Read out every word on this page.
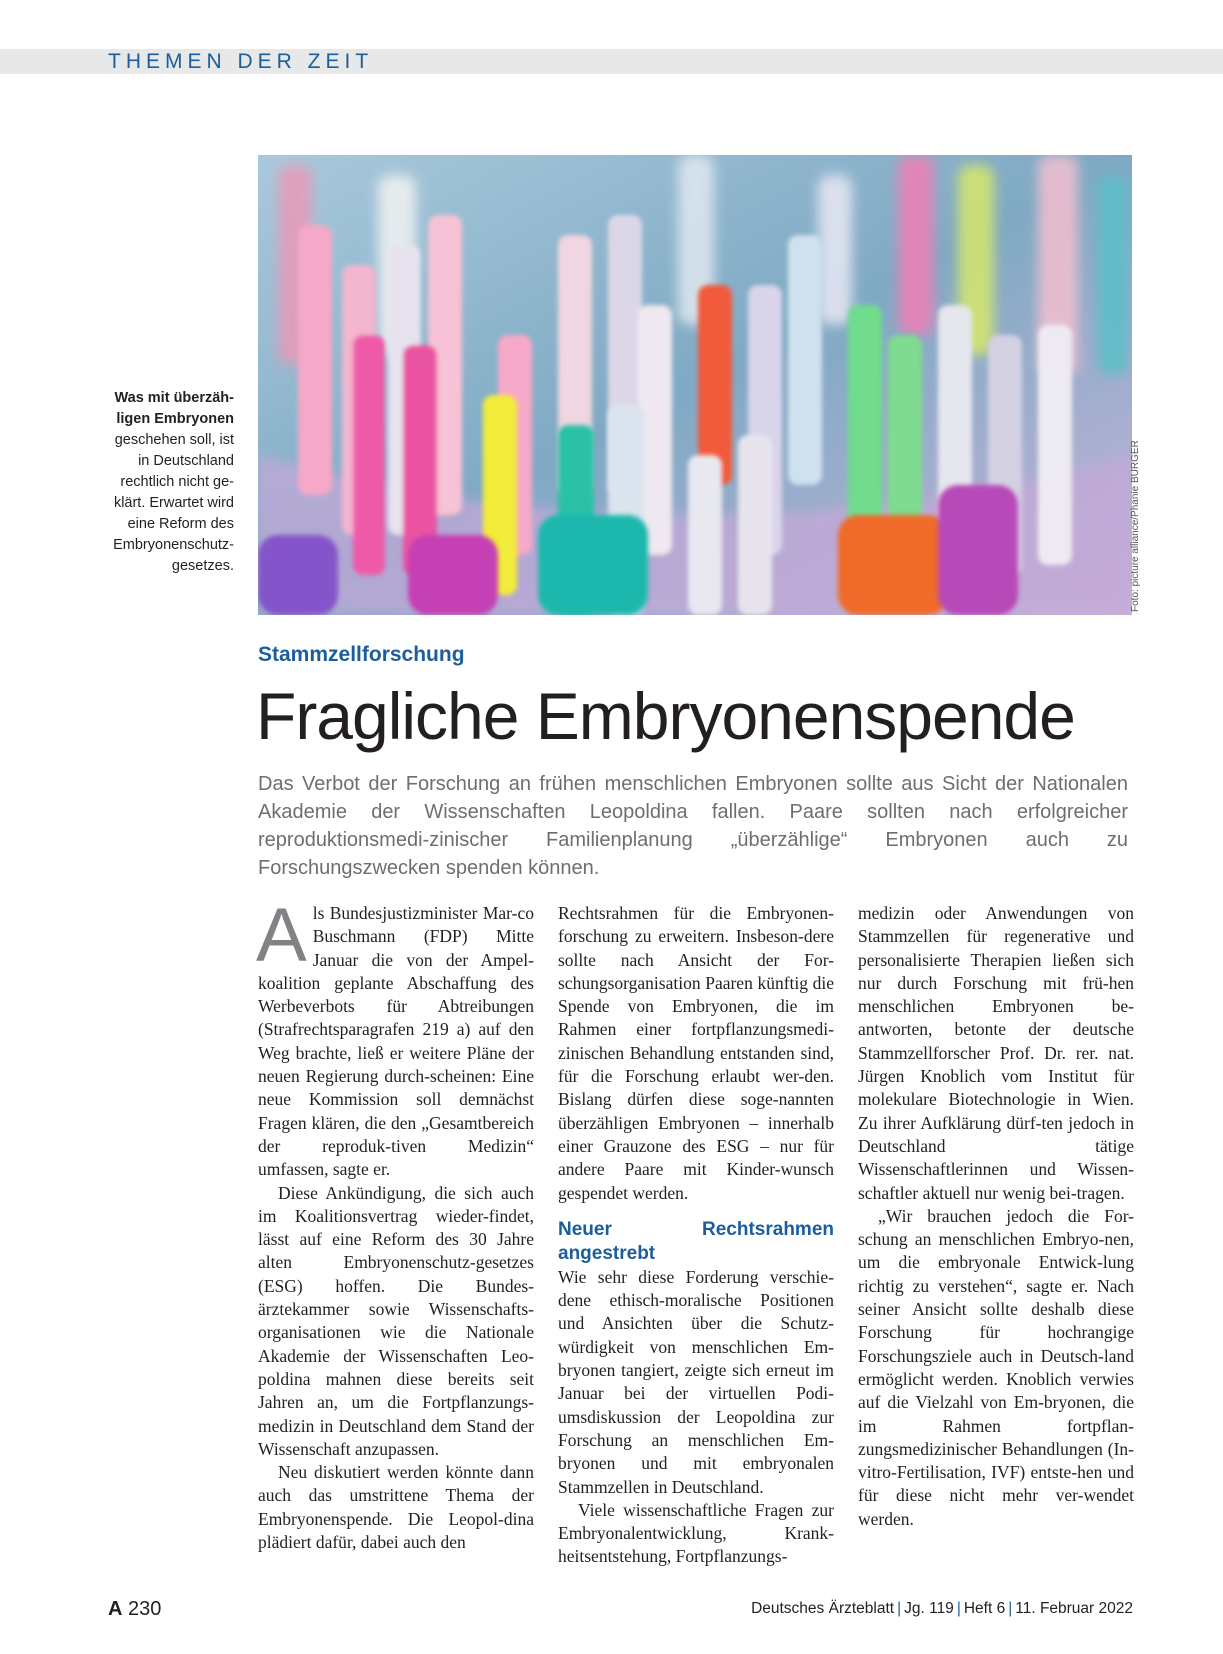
THEMEN DER ZEIT
Foto: picture alliance/Phanie BURGER
Was mit überzäh-ligen Embryonen geschehen soll, ist in Deutschland rechtlich nicht ge-klärt. Erwartet wird eine Reform des Embryonenschutz-gesetzes.
Stammzellforschung
Fragliche Embryonenspende
Das Verbot der Forschung an frühen menschlichen Embryonen sollte aus Sicht der Nationalen Akademie der Wissenschaften Leopoldina fallen. Paare sollten nach erfolgreicher reproduktionsmedi-zinischer Familienplanung „überzählige“ Embryonen auch zu Forschungszwecken spenden können.

Als Bundesjustizminister Mar-co Buschmann (FDP) Mitte Januar die von der Ampel-koalition geplante Abschaffung des Werbeverbots für Abtreibungen (Strafrechtsparagrafen 219 a) auf den Weg brachte, ließ er weitere Pläne der neuen Regierung durch-scheinen: Eine neue Kommission soll demnächst Fragen klären, die den „Gesamtbereich der reproduk-tiven Medizin“ umfassen, sagte er.

Diese Ankündigung, die sich auch im Koalitionsvertrag wieder-findet, lässt auf eine Reform des 30 Jahre alten Embryonenschutz-gesetzes (ESG) hoffen. Die Bundes-ärztekammer sowie Wissenschafts-organisationen wie die Nationale Akademie der Wissenschaften Leo-poldina mahnen diese bereits seit Jahren an, um die Fortpflanzungs-medizin in Deutschland dem Stand der Wissenschaft anzupassen.

Neu diskutiert werden könnte dann auch das umstrittene Thema der Embryonenspende. Die Leopol-dina plädiert dafür, dabei auch den

Rechtsrahmen für die Embryonen-forschung zu erweitern. Insbeson-dere sollte nach Ansicht der For-schungsorganisation Paaren künftig die Spende von Embryonen, die im Rahmen einer fortpflanzungsmedi-zinischen Behandlung entstanden sind, für die Forschung erlaubt wer-den. Bislang dürfen diese soge-nannten überzähligen Embryonen – innerhalb einer Grauzone des ESG – nur für andere Paare mit Kinder-wunsch gespendet werden.

Neuer Rechtsrahmen angestrebt

Wie sehr diese Forderung verschie-dene ethisch-moralische Positionen und Ansichten über die Schutz-würdigkeit von menschlichen Em-bryonen tangiert, zeigte sich erneut im Januar bei der virtuellen Podi-umsdiskussion der Leopoldina zur Forschung an menschlichen Em-bryonen und mit embryonalen Stammzellen in Deutschland.

Viele wissenschaftliche Fragen zur Embryonalentwicklung, Krank-heitsentstehung, Fortpflanzungs-

medizin oder Anwendungen von Stammzellen für regenerative und personalisierte Therapien ließen sich nur durch Forschung mit frü-hen menschlichen Embryonen be-antworten, betonte der deutsche Stammzellforscher Prof. Dr. rer. nat. Jürgen Knoblich vom Institut für molekulare Biotechnologie in Wien. Zu ihrer Aufklärung dürf-ten jedoch in Deutschland tätige Wissenschaftlerinnen und Wissen-schaftler aktuell nur wenig bei-tragen.

„Wir brauchen jedoch die For-schung an menschlichen Embryo-nen, um die embryonale Entwick-lung richtig zu verstehen“, sagte er. Nach seiner Ansicht sollte deshalb diese Forschung für hochrangige Forschungsziele auch in Deutsch-land ermöglicht werden. Knoblich verwies auf die Vielzahl von Em-bryonen, die im Rahmen fortpflan-zungsmedizinischer Behandlungen (In-vitro-Fertilisation, IVF) entste-hen und für diese nicht mehr ver-wendet werden.

A 230	Deutsches Ärzteblatt | Jg. 119 | Heft 6 | 11. Februar 2022
